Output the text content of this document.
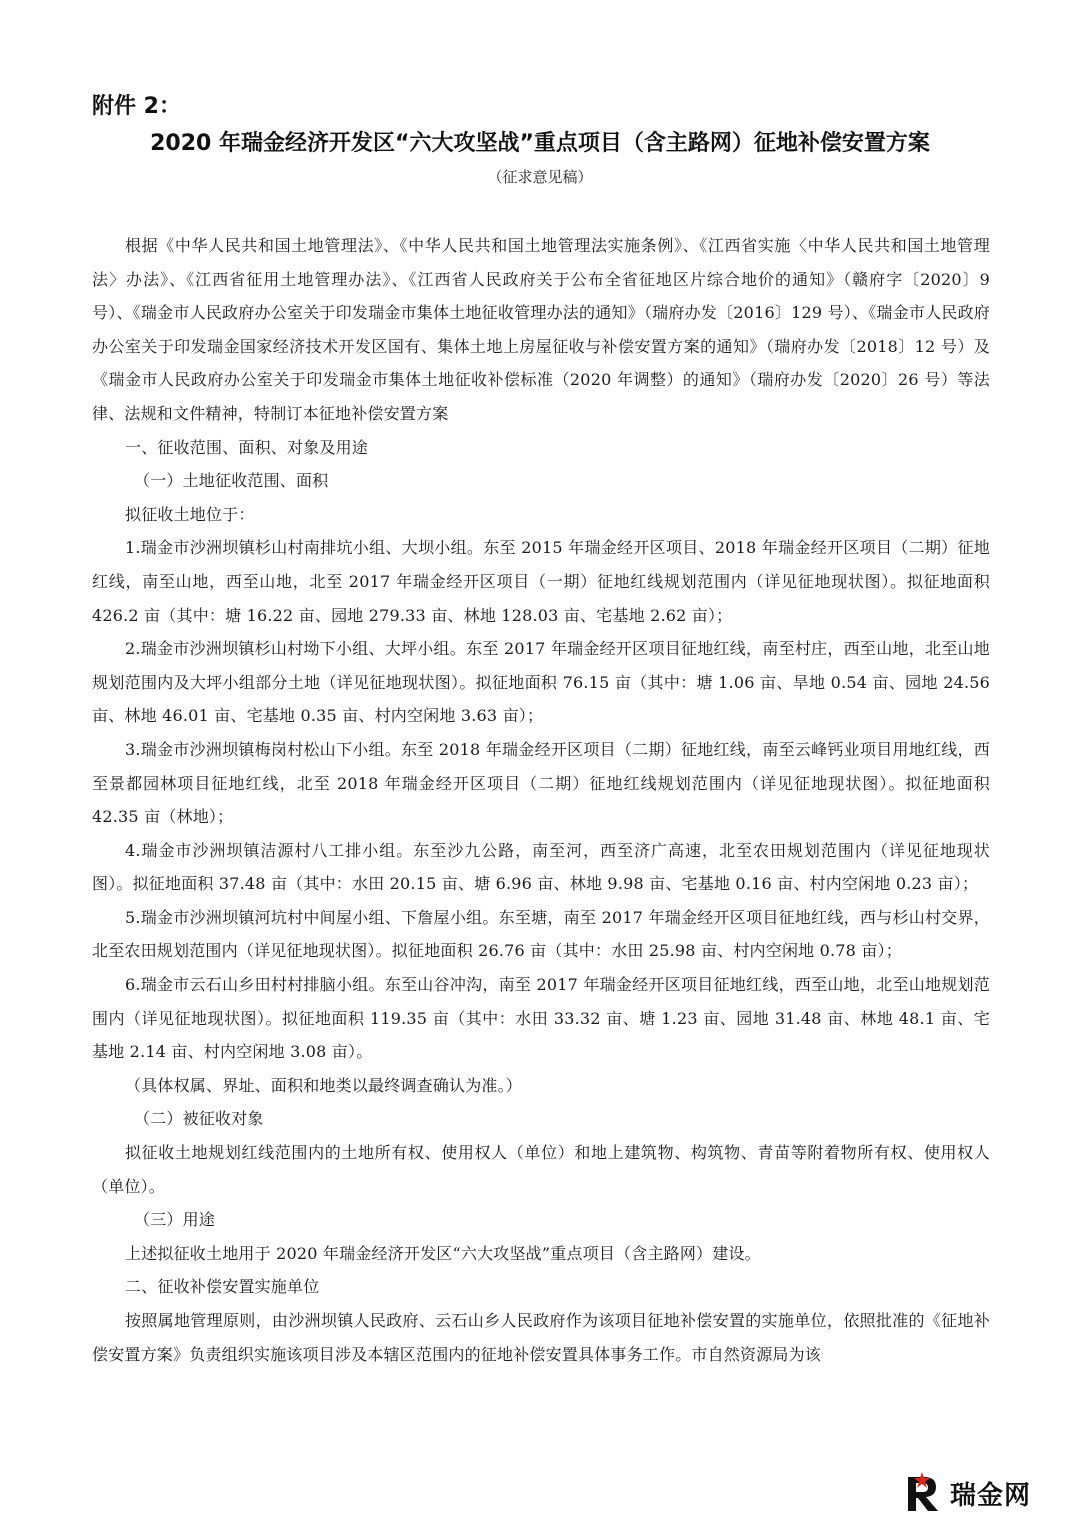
附件 2：

2020 年瑞金经济开发区“六大攻坚战”重点项目（含主路网）征地补偿安置方案

（征求意见稿）

根据《中华人民共和国土地管理法》、《中华人民共和国土地管理法实施条例》、《江西省实施〈中华人民共和国土地管理法〉办法》、《江西省征用土地管理办法》、《江西省人民政府关于公布全省征地区片综合地价的通知》（赣府字〔2020〕9 号）、《瑞金市人民政府办公室关于印发瑞金市集体土地征收管理办法的通知》（瑞府办发〔2016〕129 号）、《瑞金市人民政府办公室关于印发瑞金国家经济技术开发区国有、集体土地上房屋征收与补偿安置方案的通知》（瑞府办发〔2018〕12 号）及《瑞金市人民政府办公室关于印发瑞金市集体土地征收补偿标准（2020 年调整）的通知》（瑞府办发〔2020〕26 号）等法律、法规和文件精神，特制订本征地补偿安置方案

一、征收范围、面积、对象及用途

（一）土地征收范围、面积

拟征收土地位于：

1.瑞金市沙洲坝镇杉山村南排坑小组、大坝小组。东至 2015 年瑞金经开区项目、2018 年瑞金经开区项目（二期）征地红线，南至山地，西至山地，北至 2017 年瑞金经开区项目（一期）征地红线规划范围内（详见征地现状图）。拟征地面积 426.2 亩（其中：塘 16.22 亩、园地 279.33 亩、林地 128.03 亩、宅基地 2.62 亩）；

2.瑞金市沙洲坝镇杉山村坳下小组、大坪小组。东至 2017 年瑞金经开区项目征地红线，南至村庄，西至山地，北至山地规划范围内及大坪小组部分土地（详见征地现状图）。拟征地面积 76.15 亩（其中：塘 1.06 亩、旱地 0.54 亩、园地 24.56 亩、林地 46.01 亩、宅基地 0.35 亩、村内空闲地 3.63 亩）；

3.瑞金市沙洲坝镇梅岗村松山下小组。东至 2018 年瑞金经开区项目（二期）征地红线，南至云峰钙业项目用地红线，西至景都园林项目征地红线，北至 2018 年瑞金经开区项目（二期）征地红线规划范围内（详见征地现状图）。拟征地面积 42.35 亩（林地）；

4.瑞金市沙洲坝镇洁源村八工排小组。东至沙九公路，南至河，西至济广高速，北至农田规划范围内（详见征地现状图）。拟征地面积 37.48 亩（其中：水田 20.15 亩、塘 6.96 亩、林地 9.98 亩、宅基地 0.16 亩、村内空闲地 0.23 亩）；

5.瑞金市沙洲坝镇河坑村中间屋小组、下詹屋小组。东至塘，南至 2017 年瑞金经开区项目征地红线，西与杉山村交界，北至农田规划范围内（详见征地现状图）。拟征地面积 26.76 亩（其中：水田 25.98 亩、村内空闲地 0.78 亩）；

6.瑞金市云石山乡田村村排脑小组。东至山谷冲沟，南至 2017 年瑞金经开区项目征地红线，西至山地，北至山地规划范围内（详见征地现状图）。拟征地面积 119.35 亩（其中：水田 33.32 亩、塘 1.23 亩、园地 31.48 亩、林地 48.1 亩、宅基地 2.14 亩、村内空闲地 3.08 亩）。

（具体权属、界址、面积和地类以最终调查确认为准。）

（二）被征收对象

拟征收土地规划红线范围内的土地所有权、使用权人（单位）和地上建筑物、构筑物、青苗等附着物所有权、使用权人（单位）。

（三）用途

上述拟征收土地用于 2020 年瑞金经济开发区“六大攻坚战”重点项目（含主路网）建设。

二、征收补偿安置实施单位

按照属地管理原则，由沙洲坝镇人民政府、云石山乡人民政府作为该项目征地补偿安置的实施单位，依照批准的《征地补偿安置方案》负责组织实施该项目涉及本辖区范围内的征地补偿安置具体事务工作。市自然资源局为该

瑞金网
